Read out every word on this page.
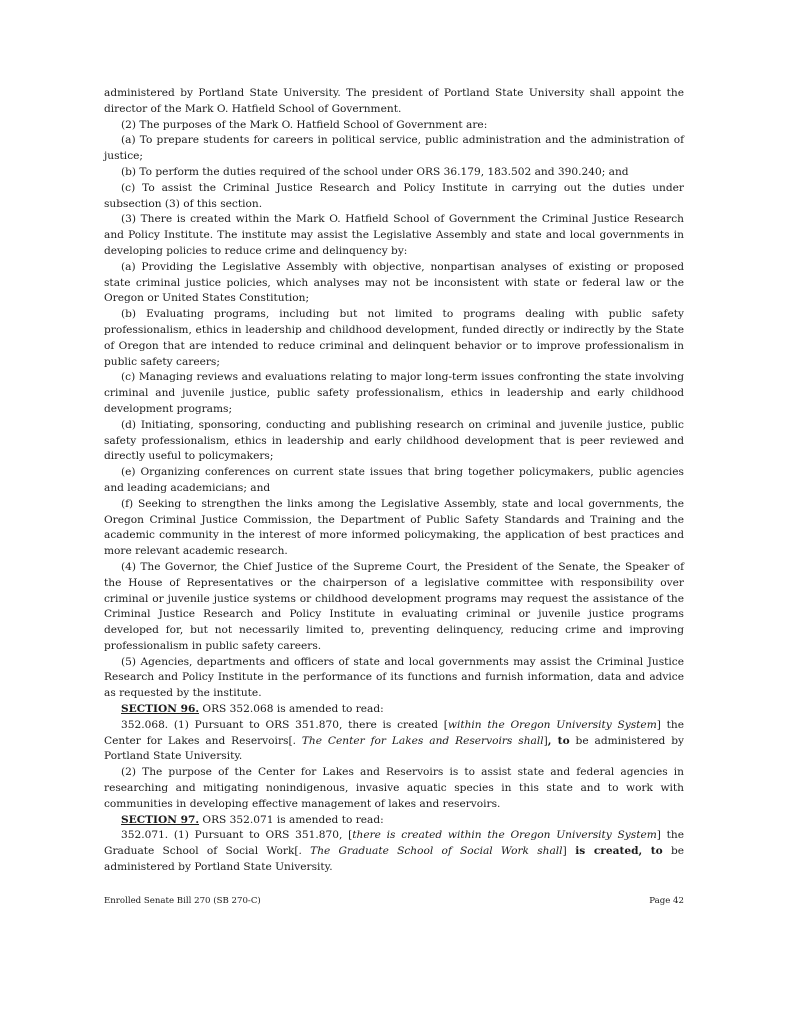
administered by Portland State University. The president of Portland State University shall appoint the director of the Mark O. Hatfield School of Government.

(2) The purposes of the Mark O. Hatfield School of Government are:

(a) To prepare students for careers in political service, public administration and the administration of justice;

(b) To perform the duties required of the school under ORS 36.179, 183.502 and 390.240; and

(c) To assist the Criminal Justice Research and Policy Institute in carrying out the duties under subsection (3) of this section.

(3) There is created within the Mark O. Hatfield School of Government the Criminal Justice Research and Policy Institute. The institute may assist the Legislative Assembly and state and local governments in developing policies to reduce crime and delinquency by:

(a) Providing the Legislative Assembly with objective, nonpartisan analyses of existing or proposed state criminal justice policies, which analyses may not be inconsistent with state or federal law or the Oregon or United States Constitution;

(b) Evaluating programs, including but not limited to programs dealing with public safety professionalism, ethics in leadership and childhood development, funded directly or indirectly by the State of Oregon that are intended to reduce criminal and delinquent behavior or to improve professionalism in public safety careers;

(c) Managing reviews and evaluations relating to major long-term issues confronting the state involving criminal and juvenile justice, public safety professionalism, ethics in leadership and early childhood development programs;

(d) Initiating, sponsoring, conducting and publishing research on criminal and juvenile justice, public safety professionalism, ethics in leadership and early childhood development that is peer reviewed and directly useful to policymakers;

(e) Organizing conferences on current state issues that bring together policymakers, public agencies and leading academicians; and

(f) Seeking to strengthen the links among the Legislative Assembly, state and local governments, the Oregon Criminal Justice Commission, the Department of Public Safety Standards and Training and the academic community in the interest of more informed policymaking, the application of best practices and more relevant academic research.

(4) The Governor, the Chief Justice of the Supreme Court, the President of the Senate, the Speaker of the House of Representatives or the chairperson of a legislative committee with responsibility over criminal or juvenile justice systems or childhood development programs may request the assistance of the Criminal Justice Research and Policy Institute in evaluating criminal or juvenile justice programs developed for, but not necessarily limited to, preventing delinquency, reducing crime and improving professionalism in public safety careers.

(5) Agencies, departments and officers of state and local governments may assist the Criminal Justice Research and Policy Institute in the performance of its functions and furnish information, data and advice as requested by the institute.

SECTION 96. ORS 352.068 is amended to read:

352.068. (1) Pursuant to ORS 351.870, there is created [within the Oregon University System] the Center for Lakes and Reservoirs[. The Center for Lakes and Reservoirs shall], to be administered by Portland State University.

(2) The purpose of the Center for Lakes and Reservoirs is to assist state and federal agencies in researching and mitigating nonindigenous, invasive aquatic species in this state and to work with communities in developing effective management of lakes and reservoirs.

SECTION 97. ORS 352.071 is amended to read:

352.071. (1) Pursuant to ORS 351.870, [there is created within the Oregon University System] the Graduate School of Social Work[. The Graduate School of Social Work shall] is created, to be administered by Portland State University.

Enrolled Senate Bill 270 (SB 270-C)	Page 42
